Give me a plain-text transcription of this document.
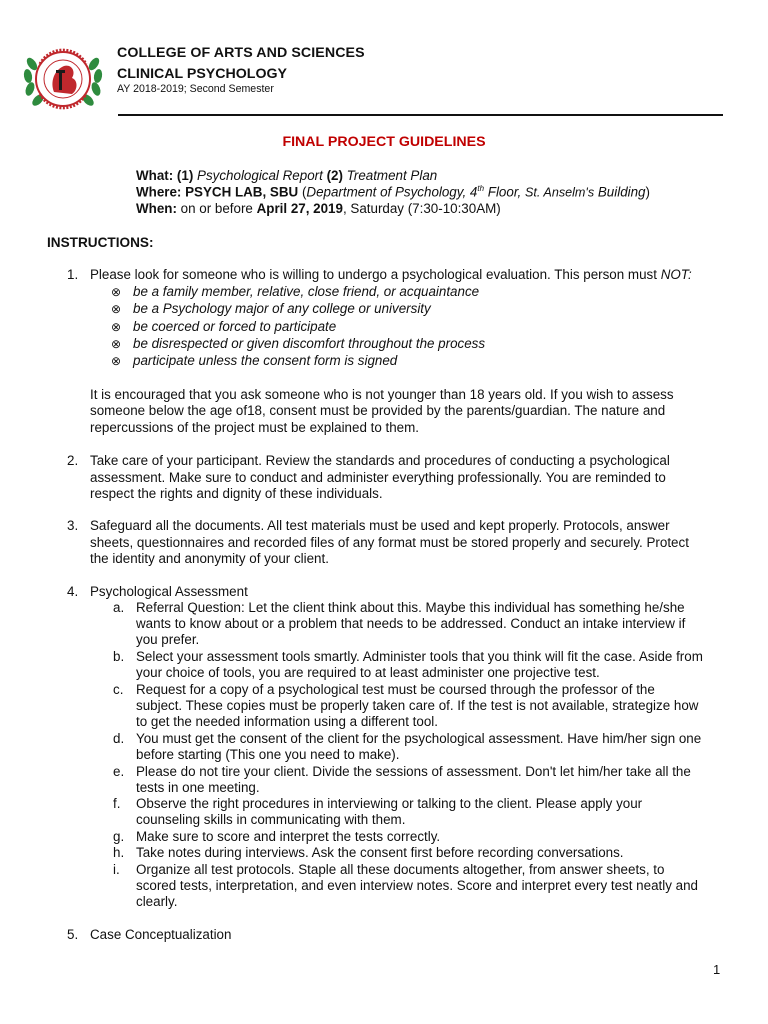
COLLEGE OF ARTS AND SCIENCES
CLINICAL PSYCHOLOGY
AY 2018-2019; Second Semester
FINAL PROJECT GUIDELINES
What: (1) Psychological Report (2) Treatment Plan
Where: PSYCH LAB, SBU (Department of Psychology, 4th Floor, St. Anselm's Building)
When: on or before April 27, 2019, Saturday (7:30-10:30AM)
INSTRUCTIONS:
1. Please look for someone who is willing to undergo a psychological evaluation. This person must NOT:
⊗ be a family member, relative, close friend, or acquaintance
⊗ be a Psychology major of any college or university
⊗ be coerced or forced to participate
⊗ be disrespected or given discomfort throughout the process
⊗ participate unless the consent form is signed
It is encouraged that you ask someone who is not younger than 18 years old. If you wish to assess
someone below the age of18, consent must be provided by the parents/guardian. The nature and
repercussions of the project must be explained to them.
2. Take care of your participant. Review the standards and procedures of conducting a psychological
assessment. Make sure to conduct and administer everything professionally. You are reminded to
respect the rights and dignity of these individuals.
3. Safeguard all the documents. All test materials must be used and kept properly. Protocols, answer
sheets, questionnaires and recorded files of any format must be stored properly and securely. Protect
the identity and anonymity of your client.
4. Psychological Assessment
a. Referral Question: Let the client think about this. Maybe this individual has something he/she
wants to know about or a problem that needs to be addressed. Conduct an intake interview if
you prefer.
b. Select your assessment tools smartly. Administer tools that you think will fit the case. Aside from
your choice of tools, you are required to at least administer one projective test.
c. Request for a copy of a psychological test must be coursed through the professor of the
subject. These copies must be properly taken care of. If the test is not available, strategize how
to get the needed information using a different tool.
d. You must get the consent of the client for the psychological assessment. Have him/her sign one
before starting (This one you need to make).
e. Please do not tire your client. Divide the sessions of assessment. Don't let him/her take all the
tests in one meeting.
f. Observe the right procedures in interviewing or talking to the client. Please apply your
counseling skills in communicating with them.
g. Make sure to score and interpret the tests correctly.
h. Take notes during interviews. Ask the consent first before recording conversations.
i. Organize all test protocols. Staple all these documents altogether, from answer sheets, to
scored tests, interpretation, and even interview notes. Score and interpret every test neatly and
clearly.
5. Case Conceptualization
1
